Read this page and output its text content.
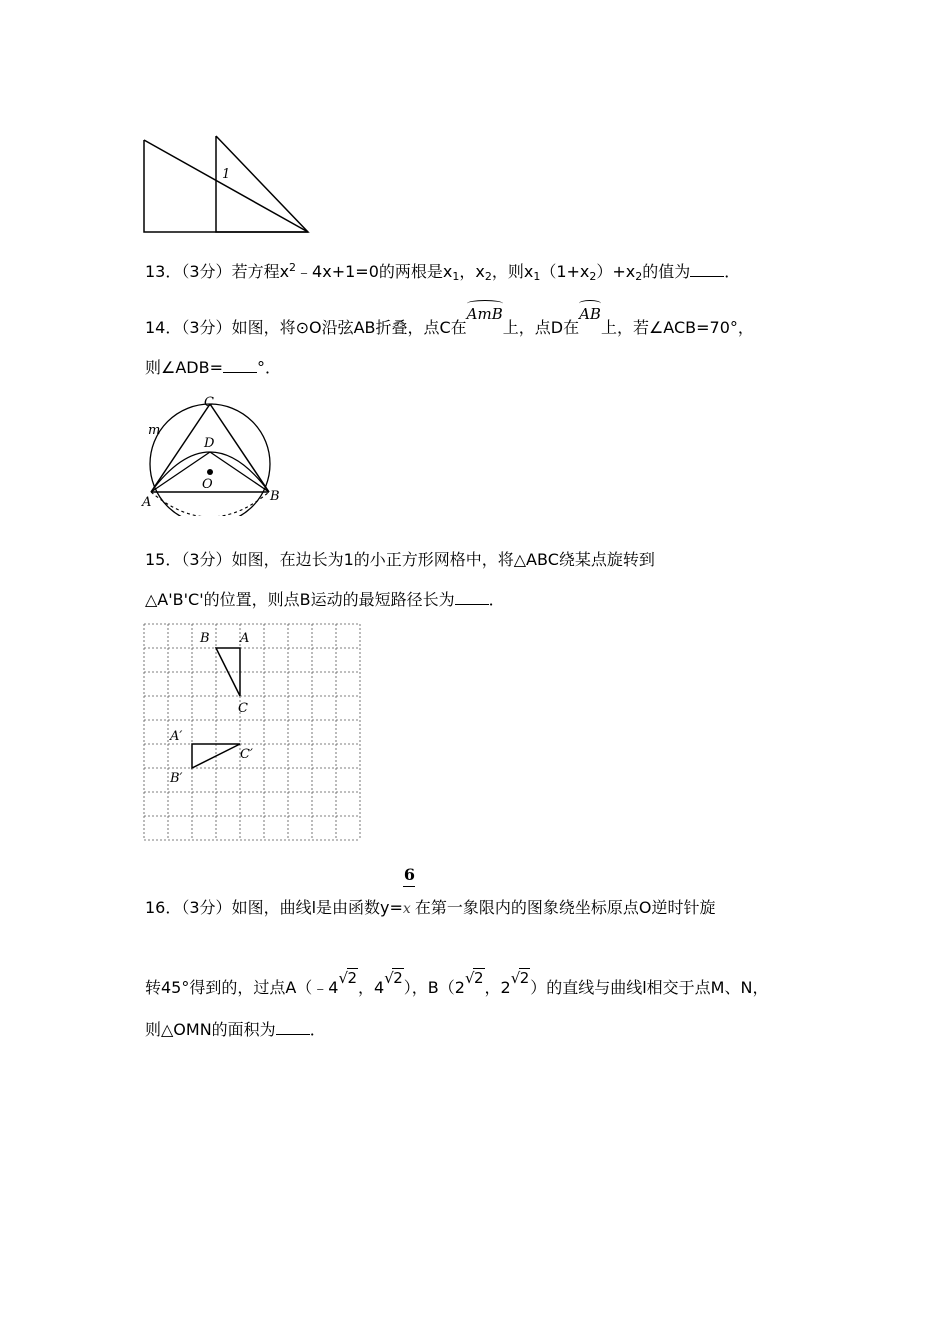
1
13．（3分）若方程$x^2﹣4x+1=0$的两根是$x_1$，$x_2$，则$x_1(1+x_2)+x_2$的值为 ．
14．（3分）如图，将⊙O沿弦AB折叠，点C在
AmB上，点D在
AB上，若∠ACB=70°，
则∠ADB= °．
C
D
O
A	B
m
15．（3分）如图，在边长为1的小正方形网格中，将△ABC绕某点旋转到
△A'B'C'的位置，则点B运动的最短路径长为 ．
B A
C
A′
C′
B′
16．（3分）如图，曲线l是由函数$y= \frac{6}{x}$在第一象限内的图象绕坐标原点O逆时针旋
转45°得到的，过点A（﹣4 √ 2，4 √ 2），B（2 √ 2，2 √ 2）的直线与曲线l相交于点M、N，
则△OMN的面积为 ．
